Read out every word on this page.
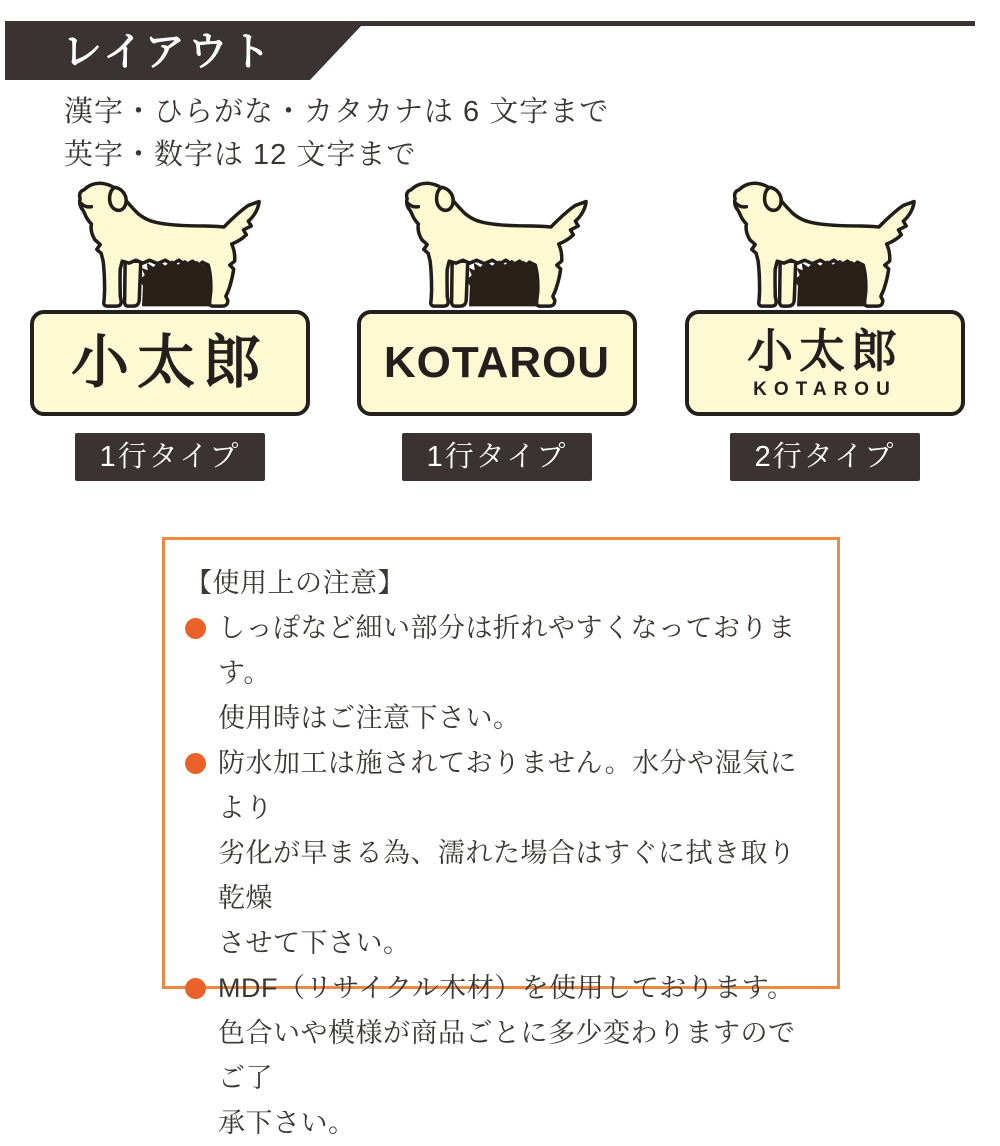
レイアウト
漢字・ひらがな・カタカナは 6 文字まで
英字・数字は 12 文字まで
小太郎	KOTAROU	小太郎
KOTAROU
1行タイプ	1行タイプ	2行タイプ
【使用上の注意】
しっぽなど細い部分は折れやすくなっております。
使用時はご注意下さい。
防水加工は施されておりません。水分や湿気により
劣化が早まる為、濡れた場合はすぐに拭き取り乾燥
させて下さい。
MDF（リサイクル木材）を使用しております。
色合いや模様が商品ごとに多少変わりますのでご了
承下さい。
